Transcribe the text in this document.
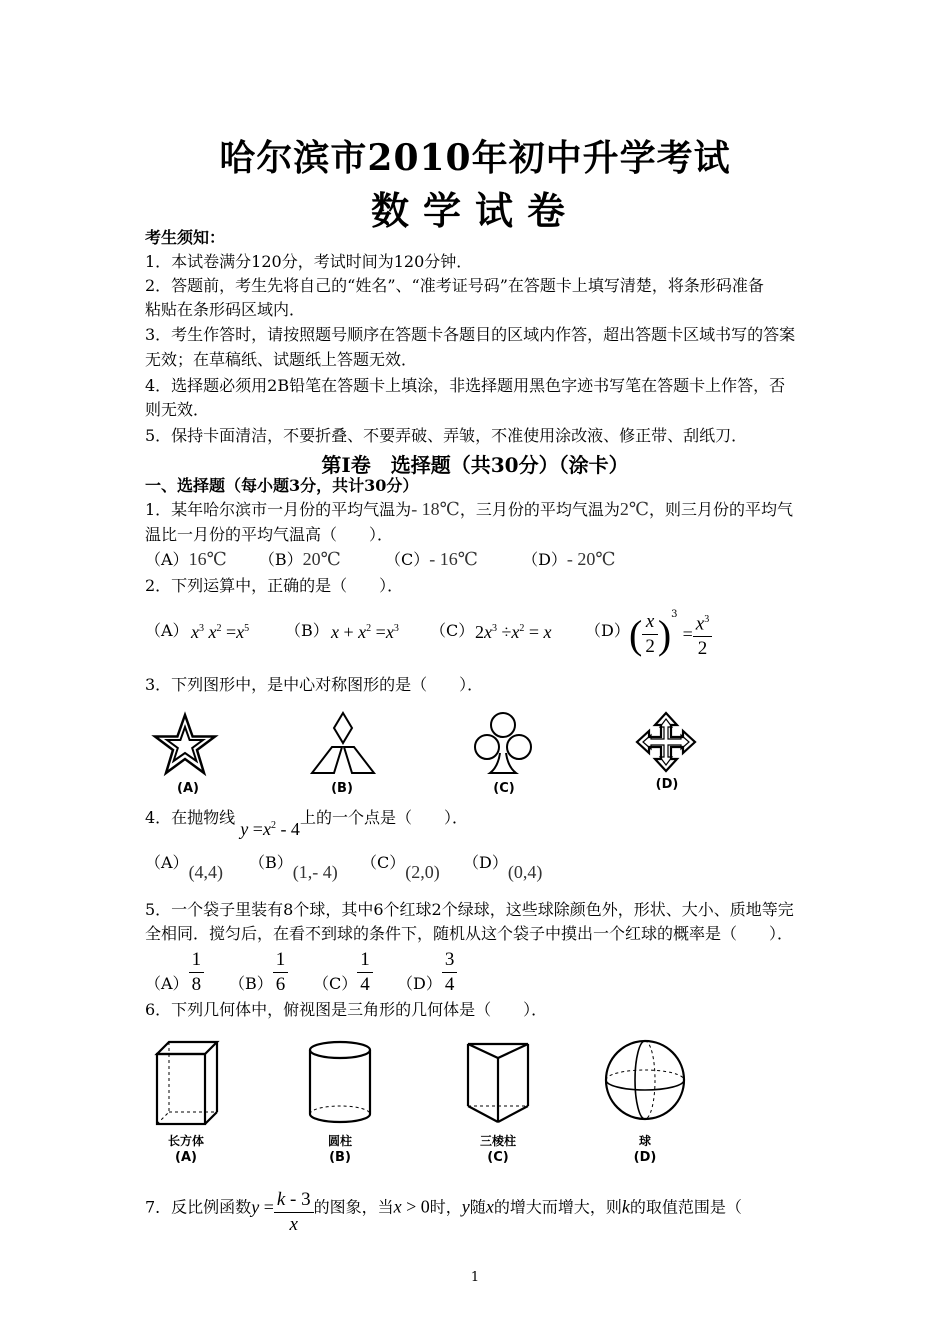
哈尔滨市2010年初中升学考试
数学试卷
考生须知：
1．本试卷满分120分，考试时间为120分钟．
2．答题前，考生先将自己的“姓名”、“准考证号码”在答题卡上填写清楚，将条形码准备
粘贴在条形码区域内．
3．考生作答时，请按照题号顺序在答题卡各题目的区域内作答，超出答题卡区域书写的答案
无效；在草稿纸、试题纸上答题无效．
4．选择题必须用2B铅笔在答题卡上填涂，非选择题用黑色字迹书写笔在答题卡上作答，否
则无效．
5．保持卡面清洁，不要折叠、不要弄破、弄皱，不准使用涂改液、修正带、刮纸刀．
第Ⅰ卷　选择题（共30分）（涂卡）
一、选择题（每小题3分，共计30分）
1．某年哈尔滨市一月份的平均气温为- 18℃，三月份的平均气温为2℃，则三月份的平均气
温比一月份的平均气温高（　　）．
（A）16℃ （B）20℃	（C）- 16℃	（D）- 20℃
2．下列运算中，正确的是（　　）．
（A） $x^3$ $x^2 =x^5$ （B） $x + x^2 =x^3$ （C） $2x^3 \div x^2 = x$ （D） ( $\frac{x}{2} )^3 = \frac{x^3}{2}$
3．下列图形中，是中心对称图形的是（　　）．
(A)	(B)	(C)	(D)
4．在抛物线 $y =x^2 - 4$上的一个点是（　　）．
（A）(4,4) （B）(1,- 4) （C）(2,0) （D）(0,4)
5．一个袋子里装有8个球，其中6个红球2个绿球，这些球除颜色外，形状、大小、质地等完
全相同．搅匀后，在看不到球的条件下，随机从这个袋子中摸出一个红球的概率是（　　）．
$(A) \frac{1}{8} (B) \frac{1}{6} (C) \frac{1}{4} (D) \frac{3}{4}$
6．下列几何体中，俯视图是三角形的几何体是（　　）．
长方体
(A)
圆柱
(B)
三棱柱
(C)
球
(D)
7．反比例函数$y = \frac{k - 3}{x}$ 的图象，当x > 0时，y随x的增大而增大，则k的取值范围是（
1
